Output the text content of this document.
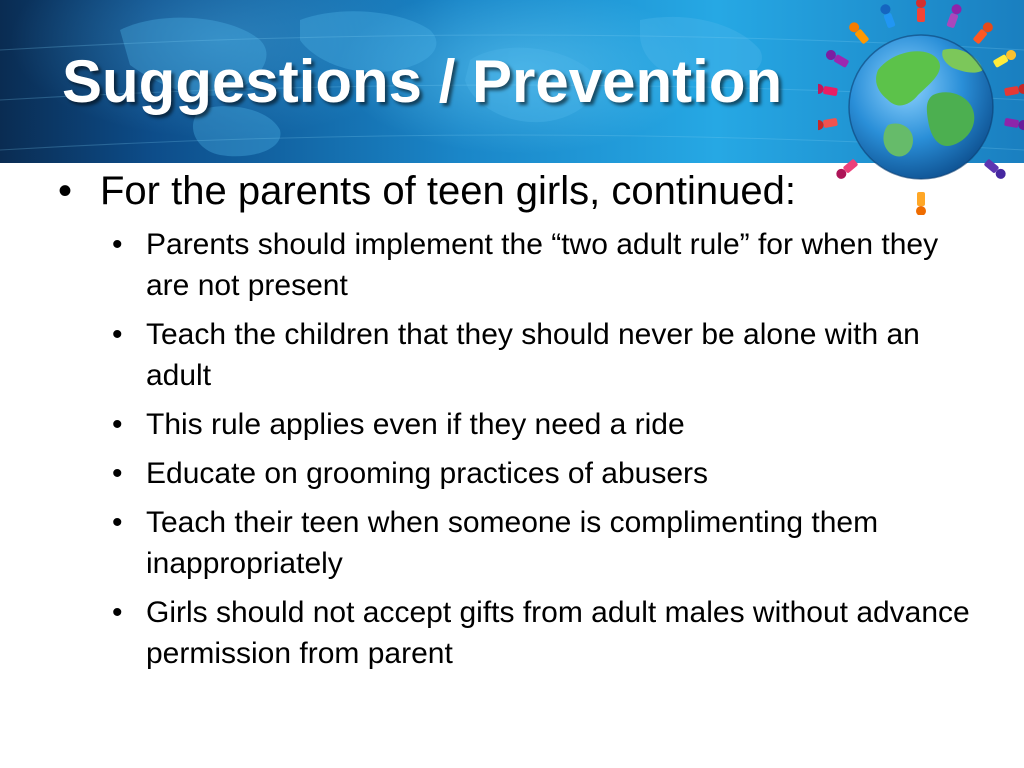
Suggestions / Prevention
• For the parents of teen girls, continued:
• Parents should implement the “two adult rule” for when they are not present
• Teach the children that they should never be alone with an adult
• This rule applies even if they need a ride
• Educate on grooming practices of abusers
• Teach their teen when someone is complimenting them inappropriately
• Girls should not accept gifts from adult males without advance permission from parent
